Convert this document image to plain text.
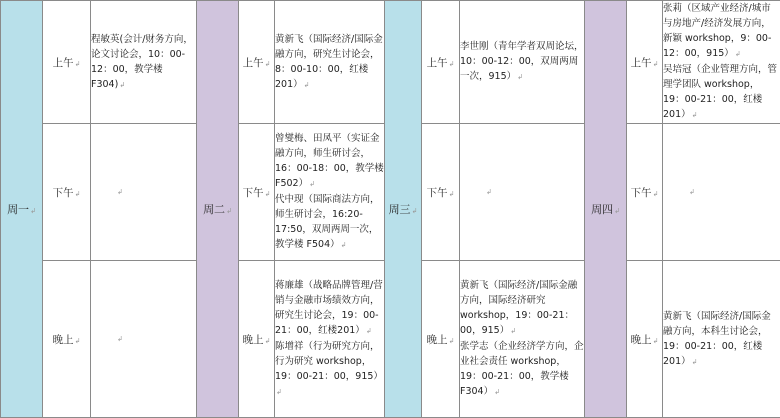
周一↲	上午↲	程敏英(会计/财务方向，论文讨论会，10：00-12：00，教学楼F304)↲	周二↲	上午↲	黄新飞（国际经济/国际金融方向，研究生讨论会，8：00-10：00，红楼 201）↲	周三↲	上午↲	李世刚（青年学者双周论坛，10：00-12：00，双周两周一次，915）↲	周四↲	上午↲	张莉（区域产业经济/城市与房地产/经济发展方向，新颖 workshop，9：00-12：00，915）↲
吴培冠（企业管理方向，管理学团队 workshop，19：00-21：00，红楼 201）↲

	下午↲	↲		下午↲	曾燮梅、田凤平（实证金融方向，师生研讨会，16：00-18：00，教学楼 F502）↲
代中现（国际商法方向，师生研讨会，16:20-17:50，双周两周一次，教学楼 F504）↲		下午↲	↲		下午↲	↲
	晚上↲	↲		晚上↲	蒋廉雄（战略品牌管理/营销与金融市场绩效方向，研究生讨论会，19：00-21：00，红楼201）↲
陈增祥（行为研究方向，行为研究 workshop，19：00-21：00，915）↲		晚上↲	黄新飞（国际经济/国际金融方向，国际经济研究workshop，19：00-21：00，915）↲
张学志（企业经济学方向，企业社会责任 workshop，19：00-21：00，教学楼F304）↲		晚上↲	黄新飞（国际经济/国际金融方向，本科生讨论会，19：00-21：00，红楼 201）↲
